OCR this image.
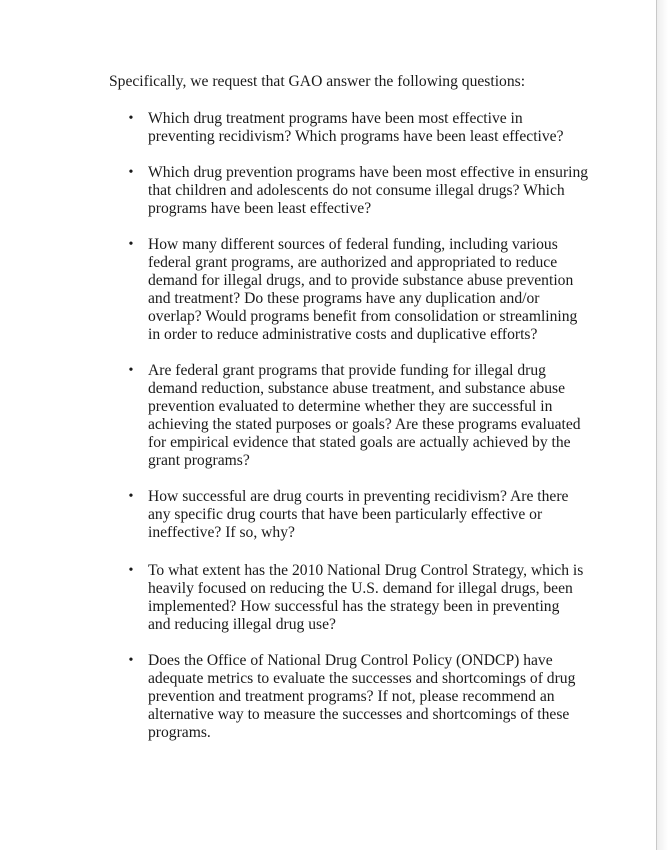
Specifically, we request that GAO answer the following questions:
• Which drug treatment programs have been most effective in
preventing recidivism? Which programs have been least effective?
• Which drug prevention programs have been most effective in ensuring
that children and adolescents do not consume illegal drugs? Which
programs have been least effective?
• How many different sources of federal funding, including various
federal grant programs, are authorized and appropriated to reduce
demand for illegal drugs, and to provide substance abuse prevention
and treatment? Do these programs have any duplication and/or
overlap? Would programs benefit from consolidation or streamlining
in order to reduce administrative costs and duplicative efforts?
• Are federal grant programs that provide funding for illegal drug
demand reduction, substance abuse treatment, and substance abuse
prevention evaluated to determine whether they are successful in
achieving the stated purposes or goals? Are these programs evaluated
for empirical evidence that stated goals are actually achieved by the
grant programs?
• How successful are drug courts in preventing recidivism? Are there
any specific drug courts that have been particularly effective or
ineffective? If so, why?
• To what extent has the 2010 National Drug Control Strategy, which is
heavily focused on reducing the U.S. demand for illegal drugs, been
implemented? How successful has the strategy been in preventing
and reducing illegal drug use?
• Does the Office of National Drug Control Policy (ONDCP) have
adequate metrics to evaluate the successes and shortcomings of drug
prevention and treatment programs? If not, please recommend an
alternative way to measure the successes and shortcomings of these
programs.
